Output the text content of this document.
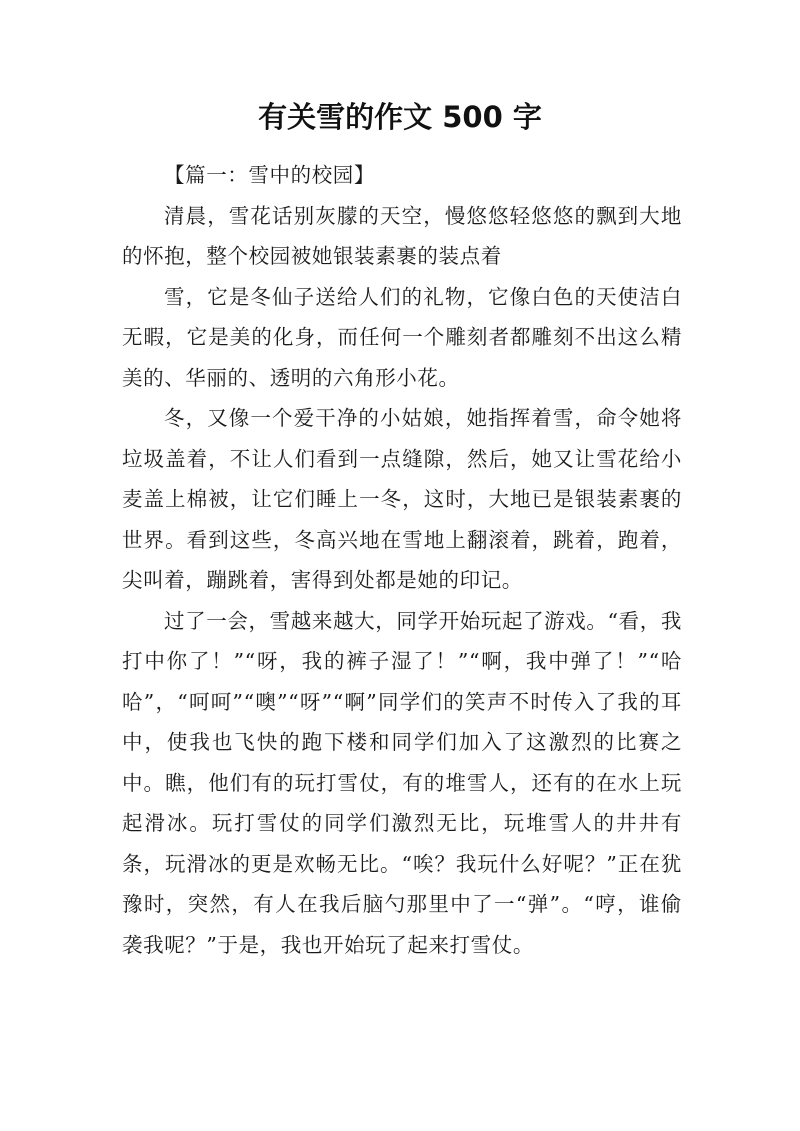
有关雪的作文 500 字

【篇一：雪中的校园】

清晨，雪花话别灰朦的天空，慢悠悠轻悠悠的飘到大地的怀抱，整个校园被她银装素裹的装点着

雪，它是冬仙子送给人们的礼物，它像白色的天使洁白无暇，它是美的化身，而任何一个雕刻者都雕刻不出这么精美的、华丽的、透明的六角形小花。

冬，又像一个爱干净的小姑娘，她指挥着雪，命令她将垃圾盖着，不让人们看到一点缝隙，然后，她又让雪花给小麦盖上棉被，让它们睡上一冬，这时，大地已是银装素裹的世界。看到这些，冬高兴地在雪地上翻滚着，跳着，跑着，尖叫着，蹦跳着，害得到处都是她的印记。

过了一会，雪越来越大，同学开始玩起了游戏。“看，我打中你了！”“呀，我的裤子湿了！”“啊，我中弹了！”“哈哈”，“呵呵”“噢”“呀”“啊”同学们的笑声不时传入了我的耳中，使我也飞快的跑下楼和同学们加入了这激烈的比赛之中。瞧，他们有的玩打雪仗，有的堆雪人，还有的在水上玩起滑冰。玩打雪仗的同学们激烈无比，玩堆雪人的井井有条，玩滑冰的更是欢畅无比。“唉？我玩什么好呢？”正在犹豫时，突然，有人在我后脑勺那里中了一“弹”。“哼，谁偷袭我呢？”于是，我也开始玩了起来打雪仗。
